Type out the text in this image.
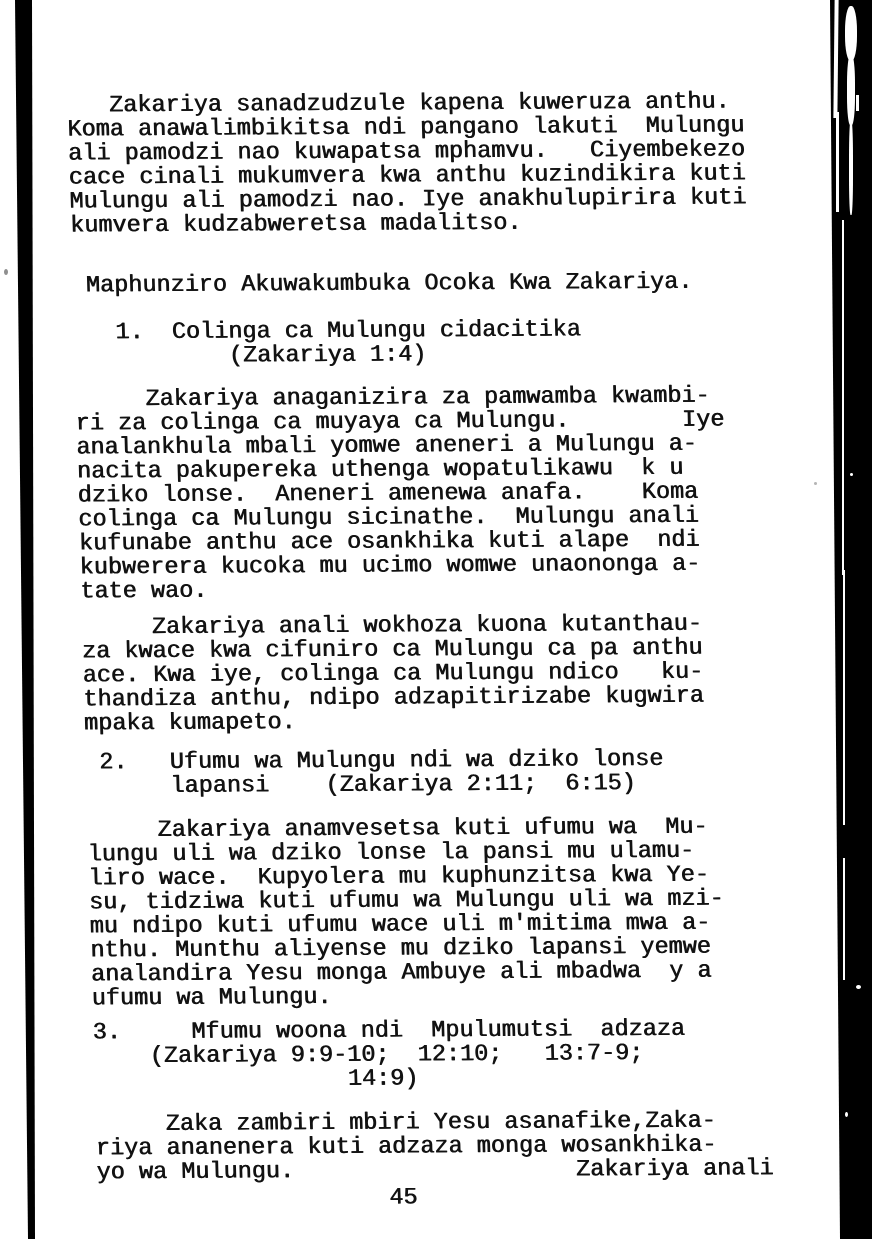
Zakariya sanadzudzule kapena kuweruza anthu.
Koma anawalimbikitsa ndi pangano lakuti  Mulungu
ali pamodzi nao kuwapatsa mphamvu.   Ciyembekezo
cace cinali mukumvera kwa anthu kuzindikira kuti
Mulungu ali pamodzi nao. Iye anakhulupirira kuti
kumvera kudzabweretsa madalitso.
Maphunziro Akuwakumbuka Ocoka Kwa Zakariya.
1.  Colinga ca Mulungu cidacitika
(Zakariya 1:4)
Zakariya anaganizira za pamwamba kwambi-
ri za colinga ca muyaya ca Mulungu.        Iye
analankhula mbali yomwe aneneri a Mulungu a-
nacita pakupereka uthenga wopatulikawu  k u
dziko lonse.  Aneneri amenewa anafa.    Koma
colinga ca Mulungu sicinathe.  Mulungu anali
kufunabe anthu ace osankhika kuti alape  ndi
kubwerera kucoka mu ucimo womwe unaononga a-
tate wao.
Zakariya anali wokhoza kuona kutanthau-
za kwace kwa cifuniro ca Mulungu ca pa anthu
ace. Kwa iye, colinga ca Mulungu ndico   ku-
thandiza anthu, ndipo adzapitirizabe kugwira
mpaka kumapeto.
2.   Ufumu wa Mulungu ndi wa dziko lonse
lapansi    (Zakariya 2:11;  6:15)
Zakariya anamvesetsa kuti ufumu wa  Mu-
lungu uli wa dziko lonse la pansi mu ulamu-
liro wace.  Kupyolera mu kuphunzitsa kwa Ye-
su, tidziwa kuti ufumu wa Mulungu uli wa mzi-
mu ndipo kuti ufumu wace uli m'mitima mwa a-
nthu. Munthu aliyense mu dziko lapansi yemwe
analandira Yesu monga Ambuye ali mbadwa  y a
ufumu wa Mulungu.
3.     Mfumu woona ndi  Mpulumutsi  adzaza
(Zakariya 9:9-10;  12:10;   13:7-9;
14:9)
Zaka zambiri mbiri Yesu asanafike,Zaka-
riya ananenera kuti adzaza monga wosankhika-
yo wa Mulungu.                    Zakariya anali
45
